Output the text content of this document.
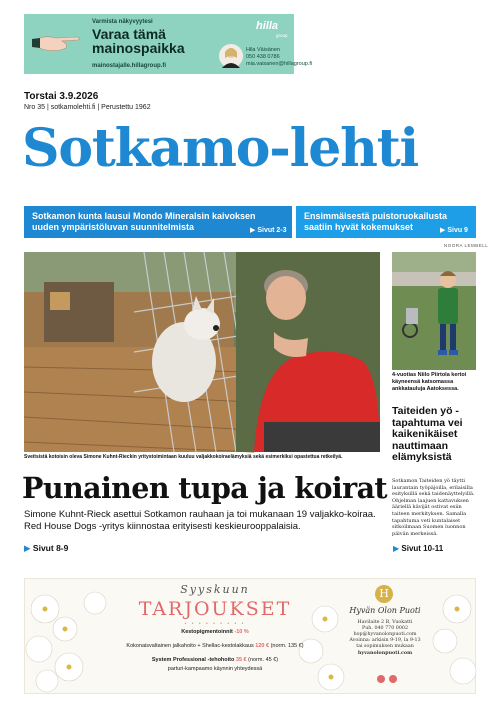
Varmista näkyvyytesi
Varaa tämä mainospaikka
mainostajalle.hillagroup.fi
hilla
group
Hila Väisänen
050 438 0786
mia.vaisanen@hillagroup.fi
Torstai 3.9.2026
Nro 35 | sotkamolehti.fi | Perustettu 1962
Sotkamo-lehti
Sotkamon kunta lausui Mondo Mineralsin kaivoksen uuden ympäristöluvan suunnitelmista	▶ Sivut 2-3
Ensimmäisestä puistoruokailusta saatiin hyvät kokemukset	▶ Sivu 9
NOORA LEMBELL
Sveitsistä kotoisin oleva Simone Kuhnt-Rieckin yritystoimintaan kuuluu valjakkokoiraelämyksiä sekä esimerkiksi opastettua retkeilyä.
4-vuotias Niilo Piirtola kertoi käyneensä katsomassa ankkatauluja Aatoksessa.
Taiteiden yö -tapahtuma vei kaikenikäiset nauttimaan elämyksistä
Sotkamon Taiteiden yö täytti laurantain työpäjoilla, erilaisilla esityksillä sekä taidenäyttelyillä. Ohjelman laajuen kattavuksen ääriellä kävijät ostivat esiin taiteen merkityksen. Samalla tapahtuma veti kuntalaiset sitkoilmaan Suomen luonnon päivän merkeissä.
▶ Sivut 10-11
Punainen tupa ja koirat
Simone Kuhnt-Rieck asettui Sotkamon rauhaan ja toi mukanaan 19 valjakko-koiraa. Red House Dogs -yritys kiinnostaa erityisesti keskieurooppalaisia.
▶ Sivut 8-9
Syyskuun
TARJOUKSET
• • • • • • • • •
Kestopigmentoinnit -10 %
Kokonaisvaltainen jalkahoito + Shellac-kestolakkaus 120 € (norm. 135 €)
System Professional -tehohoito 35 € (norm. 45 €)
parturi-kampaamo käynnin yhteydessä
H
Hyvän Olon Puoti
Havilaite 2 B, Vuokatti
Puh. 040 770 0002
hop@hyvanolonpuoti.com
Avoinna: arkisin 9-19, la 9-13
tai sopimuksen mukaan
hyvanolonpuoti.com
